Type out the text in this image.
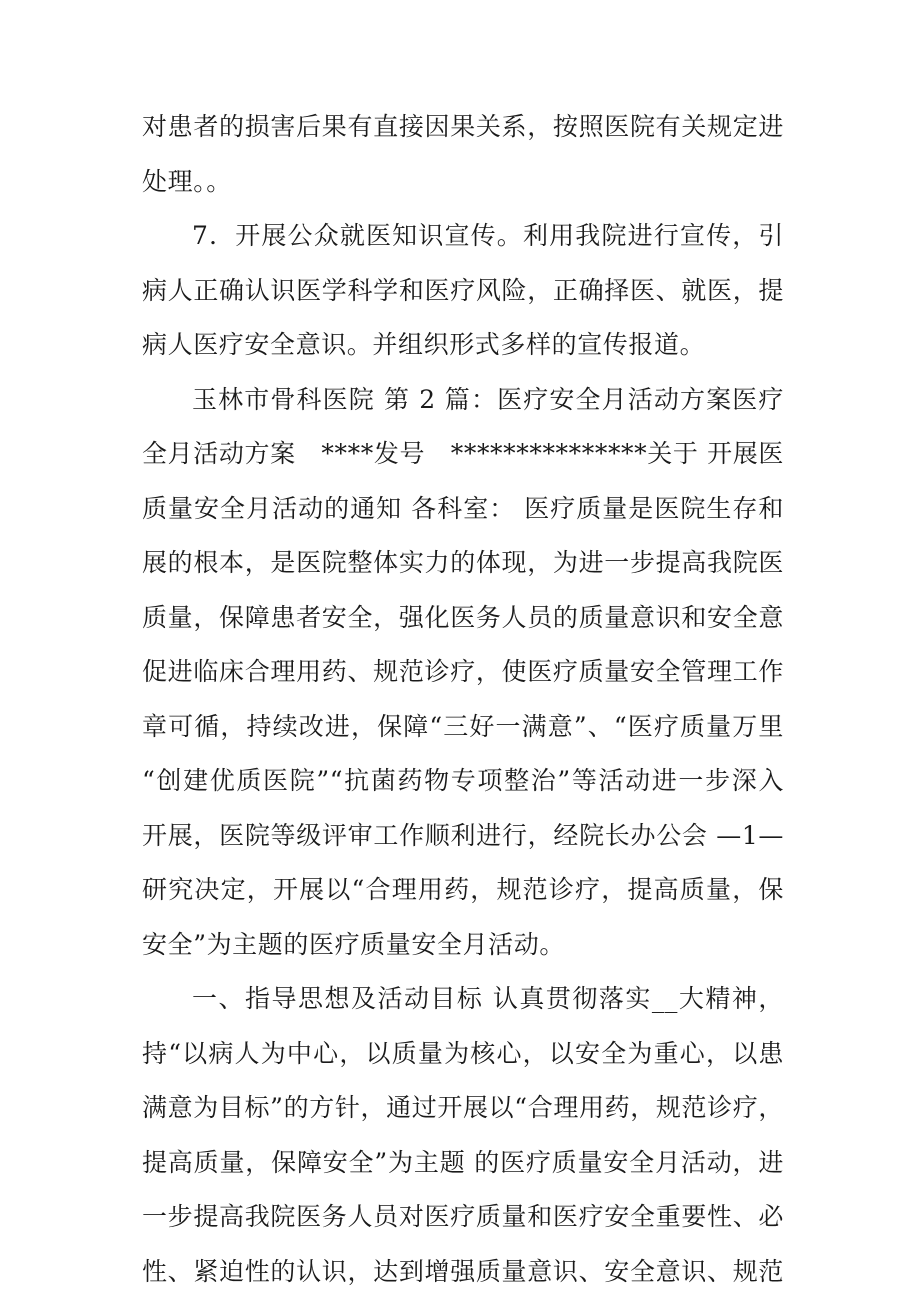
对患者的损害后果有直接因果关系，按照医院有关规定进
处理。。
7．开展公众就医知识宣传。利用我院进行宣传，引
病人正确认识医学科学和医疗风险，正确择医、就医，提
病人医疗安全意识。并组织形式多样的宣传报道。
玉林市骨科医院 第 2 篇：医疗安全月活动方案医疗
全月活动方案　****发号　***************关于 开展医
质量安全月活动的通知 各科室： 医疗质量是医院生存和
展的根本，是医院整体实力的体现，为进一步提高我院医
质量，保障患者安全，强化医务人员的质量意识和安全意
促进临床合理用药、规范诊疗，使医疗质量安全管理工作
章可循，持续改进，保障“三好一满意”、“医疗质量万里
“创建优质医院”“抗菌药物专项整治”等活动进一步深入
开展，医院等级评审工作顺利进行，经院长办公会 —1—
研究决定，开展以“合理用药，规范诊疗，提高质量，保
安全”为主题的医疗质量安全月活动。
一、指导思想及活动目标 认真贯彻落实__大精神，
持“以病人为中心，以质量为核心，以安全为重心，以患
满意为目标”的方针，通过开展以“合理用药，规范诊疗，
提高质量，保障安全”为主题 的医疗质量安全月活动，进
一步提高我院医务人员对医疗质量和医疗安全重要性、必
性、紧迫性的认识，达到增强质量意识、安全意识、规范
